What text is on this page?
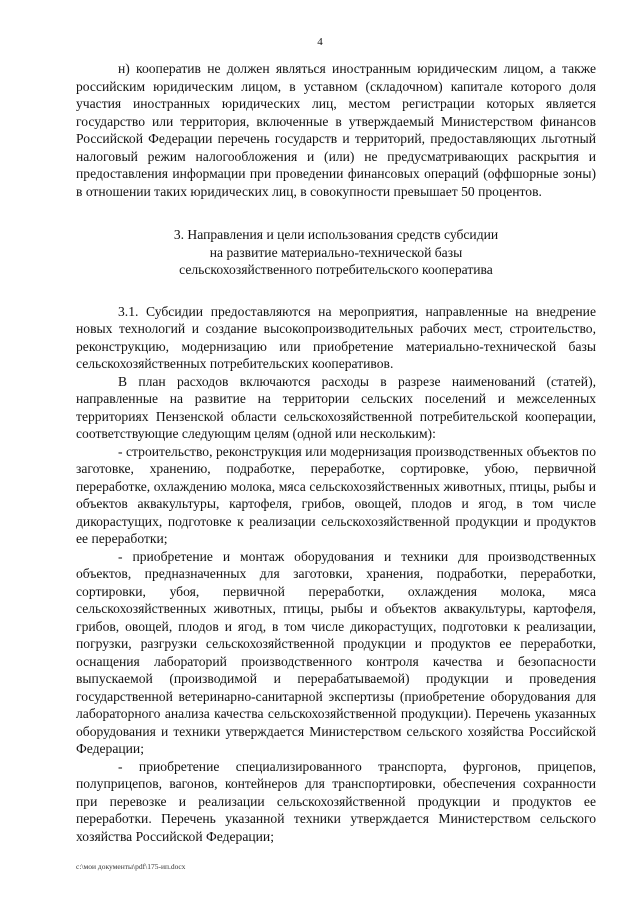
4

н) кооператив не должен являться иностранным юридическим лицом, а также российским юридическим лицом, в уставном (складочном) капитале которого доля участия иностранных юридических лиц, местом регистрации которых является государство или территория, включенные в утверждаемый Министерством финансов Российской Федерации перечень государств и территорий, предоставляющих льготный налоговый режим налогообложения и (или) не предусматривающих раскрытия и предоставления информации при проведении финансовых операций (оффшорные зоны) в отношении таких юридических лиц, в совокупности превышает 50 процентов.

3. Направления и цели использования средств субсидии
на развитие материально-технической базы
сельскохозяйственного потребительского кооператива

3.1. Субсидии предоставляются на мероприятия, направленные на внедрение новых технологий и создание высокопроизводительных рабочих мест, строительство, реконструкцию, модернизацию или приобретение материально-технической базы сельскохозяйственных потребительских кооперативов.

В план расходов включаются расходы в разрезе наименований (статей), направленные на развитие на территории сельских поселений и межселенных территориях Пензенской области сельскохозяйственной потребительской кооперации, соответствующие следующим целям (одной или нескольким):

- строительство, реконструкция или модернизация производственных объектов по заготовке, хранению, подработке, переработке, сортировке, убою, первичной переработке, охлаждению молока, мяса сельскохозяйственных животных, птицы, рыбы и объектов аквакультуры, картофеля, грибов, овощей, плодов и ягод, в том числе дикорастущих, подготовке к реализации сельскохозяйственной продукции и продуктов ее переработки;

- приобретение и монтаж оборудования и техники для производственных объектов, предназначенных для заготовки, хранения, подработки, переработки, сортировки, убоя, первичной переработки, охлаждения молока, мяса сельскохозяйственных животных, птицы, рыбы и объектов аквакультуры, картофеля, грибов, овощей, плодов и ягод, в том числе дикорастущих, подготовки к реализации, погрузки, разгрузки сельскохозяйственной продукции и продуктов ее переработки, оснащения лабораторий производственного контроля качества и безопасности выпускаемой (производимой и перерабатываемой) продукции и проведения государственной ветеринарно-санитарной экспертизы (приобретение оборудования для лабораторного анализа качества сельскохозяйственной продукции). Перечень указанных оборудования и техники утверждается Министерством сельского хозяйства Российской Федерации;

- приобретение специализированного транспорта, фургонов, прицепов, полуприцепов, вагонов, контейнеров для транспортировки, обеспечения сохранности при перевозке и реализации сельскохозяйственной продукции и продуктов ее переработки. Перечень указанной техники утверждается Министерством сельского хозяйства Российской Федерации;

c:\мои документы\pdf\175-ип.docx
